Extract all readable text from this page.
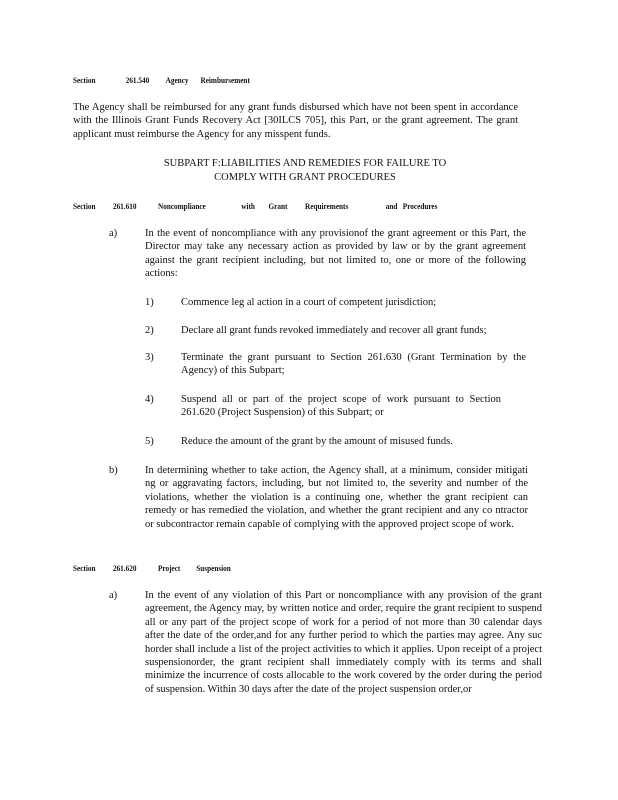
Section	261.540 Agency Reimbursement
The Agency shall be reimbursed for any grant funds disbursed which have not been spent in accordance with the Illinois Grant Funds Recovery Act [30ILCS 705], this Part, or the grant agreement. The grant applicant must reimburse the Agency for any misspent funds.
SUBPART F:LIABILITIES AND REMEDIES FOR FAILURE TO
COMPLY WITH GRANT PROCEDURES
Section 261.610	Noncompliance	with Grant Requirements	and Procedures
a)	In the event of noncompliance with any provisionof the grant agreement or this Part, the Director may take any necessary action as provided by law or by the grant agreement against the grant recipient including, but not limited to, one or more of the following actions:
1)	Commence leg al action in a court of competent jurisdiction;
2)	Declare all grant funds revoked immediately and recover all grant funds;
3)	Terminate the grant pursuant to Section 261.630 (Grant Termination by the Agency) of this Subpart;
4)	Suspend all or part of the project scope of work pursuant to Section 261.620 (Project Suspension) of this Subpart; or
5)	Reduce the amount of the grant by the amount of misused funds.
b)	In determining whether to take action, the Agency shall, at a minimum, consider mitigati ng or aggravating factors, including, but not limited to, the severity and number of the violations, whether the violation is a continuing one, whether the grant recipient can remedy or has remedied the violation, and whether the grant recipient and any co ntractor or subcontractor remain capable of complying with the approved project scope of work.
Section 261.620	Project Suspension
a)	In the event of any violation of this Part or noncompliance with any provision of the grant agreement, the Agency may, by written notice and order, require the grant recipient to suspend all or any part of the project scope of work for a period of not more than 30 calendar days after the date of the order,and for any further period to which the parties may agree. Any suc horder shall include a list of the project activities to which it applies. Upon receipt of a project suspensionorder, the grant recipient shall immediately comply with its terms and shall minimize the incurrence of costs allocable to the work covered by the order during the period of suspension. Within 30 days after the date of the project suspension order,or
